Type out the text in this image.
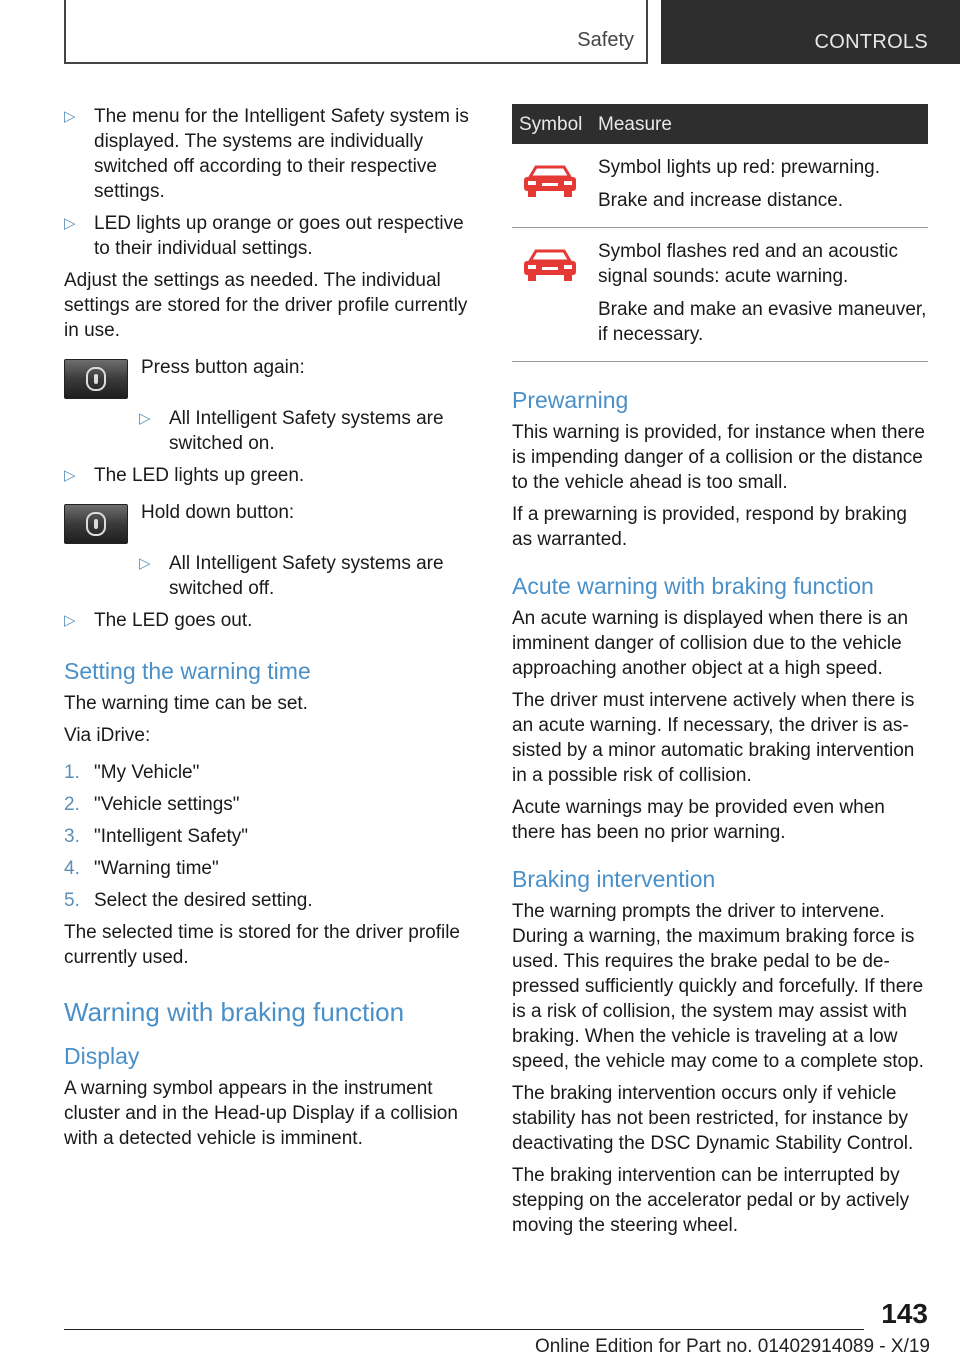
Safety	CONTROLS
▷ The menu for the Intelligent Safety system is displayed. The systems are individually switched off according to their respective settings.
▷ LED lights up orange or goes out respective to their individual settings.

Adjust the settings as needed. The individual settings are stored for the driver profile currently in use.

Press button again:

▷ All Intelligent Safety systems are switched on.
▷ The LED lights up green.

Hold down button:

▷ All Intelligent Safety systems are switched off.
▷ The LED goes out.
Setting the warning time

The warning time can be set.

Via iDrive:

1. "My Vehicle"
2. "Vehicle settings"
3. "Intelligent Safety"
4. "Warning time"
5. Select the desired setting.

The selected time is stored for the driver profile currently used.

Warning with braking function
Display

A warning symbol appears in the instrument cluster and in the Head-up Display if a collision with a detected vehicle is imminent.

Symbol Measure

Symbol lights up red: prewarning.

Brake and increase distance.

Symbol flashes red and an acoustic signal sounds: acute warning.

Brake and make an evasive maneuver, if necessary.

Prewarning

This warning is provided, for instance when there is impending danger of a collision or the distance to the vehicle ahead is too small.

If a prewarning is provided, respond by braking as warranted.

Acute warning with braking function

An acute warning is displayed when there is an imminent danger of collision due to the vehicle approaching another object at a high speed.

The driver must intervene actively when there is an acute warning. If necessary, the driver is as-sisted by a minor automatic braking intervention in a possible risk of collision.

Acute warnings may be provided even when there has been no prior warning.

Braking intervention

The warning prompts the driver to intervene. During a warning, the maximum braking force is used. This requires the brake pedal to be de-pressed sufficiently quickly and forcefully. If there is a risk of collision, the system may assist with braking. When the vehicle is traveling at a low speed, the vehicle may come to a complete stop.

The braking intervention occurs only if vehicle stability has not been restricted, for instance by deactivating the DSC Dynamic Stability Control.

The braking intervention can be interrupted by stepping on the accelerator pedal or by actively moving the steering wheel.

143
Online Edition for Part no. 01402914089 - X/19
